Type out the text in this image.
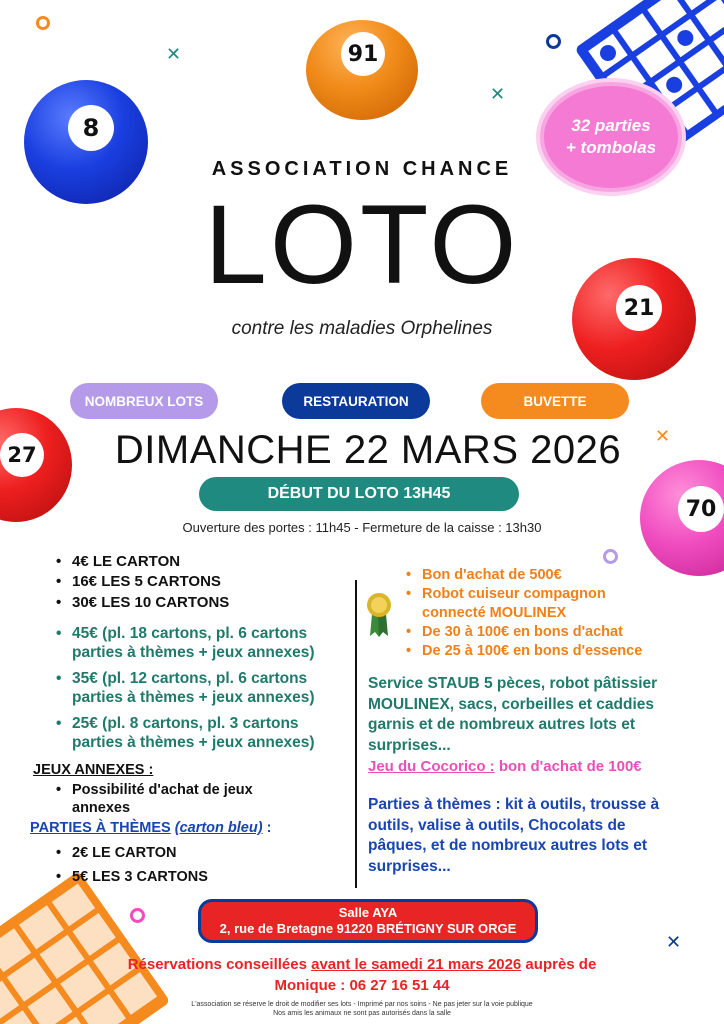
✕
✕
✕
✕
8
91
21
27
70
32 parties
+ tombolas
ASSOCIATION CHANCE
LOTO
contre les maladies Orphelines
NOMBREUX LOTS	RESTAURATION	BUVETTE
DIMANCHE 22 MARS 2026
DÉBUT DU LOTO 13H45
Ouverture des portes : 11h45 - Fermeture de la caisse : 13h30
• 4€ LE CARTON
• 16€ LES 5 CARTONS
• 30€ LES 10 CARTONS
• 45€ (pl. 18 cartons, pl. 6 cartons
parties à thèmes + jeux annexes)
• 35€ (pl. 12 cartons, pl. 6 cartons
parties à thèmes + jeux annexes)
• 25€ (pl. 8 cartons, pl. 3 cartons
parties à thèmes + jeux annexes)
JEUX ANNEXES :
• Possibilité d'achat de jeux
annexes
PARTIES À THÈMES (carton bleu) :
• 2€ LE CARTON
• 5€ LES 3 CARTONS
• Bon d'achat de 500€
• Robot cuiseur compagnon
connecté MOULINEX
• De 30 à 100€ en bons d'achat
• De 25 à 100€ en bons d'essence
Service STAUB 5 pèces, robot pâtissier
MOULINEX, sacs, corbeilles et caddies
garnis et de nombreux autres lots et
surprises...
Jeu du Cocorico : bon d'achat de 100€
Parties à thèmes : kit à outils, trousse à
outils, valise à outils, Chocolats de
pâques, et de nombreux autres lots et
surprises...
Salle AYA
2, rue de Bretagne 91220 BRÉTIGNY SUR ORGE
Réservations conseillées avant le samedi 21 mars 2026 auprès de
Monique : 06 27 16 51 44
L'association se réserve le droit de modifier ses lots - Imprimé par nos soins - Ne pas jeter sur la voie publique
Nos amis les animaux ne sont pas autorisés dans la salle
